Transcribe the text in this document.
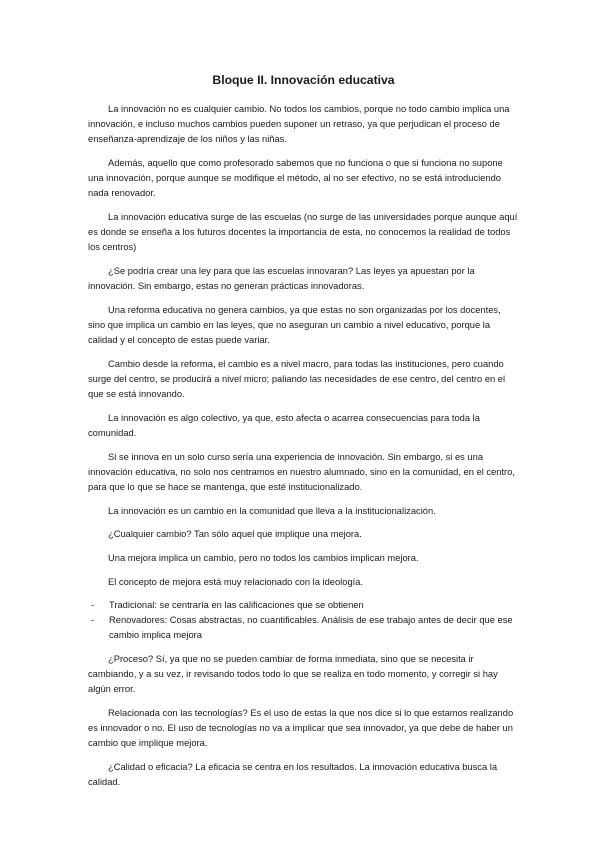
Bloque II. Innovación educativa

La innovación no es cualquier cambio. No todos los cambios, porque no todo cambio implica una innovación, e incluso muchos cambios pueden suponer un retraso, ya que perjudican el proceso de enseñanza-aprendizaje de los niños y las niñas.

Además, aquello que como profesorado sabemos que no funciona o que si funciona no supone una innovación, porque aunque se modifique el método, al no ser efectivo, no se está introduciendo nada renovador.

La innovación educativa surge de las escuelas (no surge de las universidades porque aunque aquí es donde se enseña a los futuros docentes la importancia de esta, no conocemos la realidad de todos los centros)

¿Se podría crear una ley para que las escuelas innovaran? Las leyes ya apuestan por la innovación. Sin embargo, estas no generan prácticas innovadoras.

Una reforma educativa no genera cambios, ya que estas no son organizadas por los docentes, sino que implica un cambio en las leyes, que no aseguran un cambio a nivel educativo, porque la calidad y el concepto de estas puede variar.

Cambio desde la reforma, el cambio es a nivel macro, para todas las instituciones, pero cuando surge del centro, se producirá a nivel micro; paliando las necesidades de ese centro, del centro en el que se está innovando.

La innovación es algo colectivo, ya que, esto afecta o acarrea consecuencias para toda la comunidad.

Si se innova en un solo curso sería una experiencia de innovación. Sin embargo, si es una innovación educativa, no solo nos centramos en nuestro alumnado, sino en la comunidad, en el centro, para que lo que se hace se mantenga, que esté institucionalizado.

La innovación es un cambio en la comunidad que lleva a la institucionalización.

¿Cualquier cambio? Tan sólo aquel que implique una mejora.

Una mejora implica un cambio, pero no todos los cambios implican mejora.

El concepto de mejora está muy relacionado con la ideología.

- Tradicional: se centraría en las calificaciones que se obtienen
- Renovadores: Cosas abstractas, no cuantificables. Análisis de ese trabajo antes de decir que ese cambio implica mejora

¿Proceso? Sí, ya que no se pueden cambiar de forma inmediata, sino que se necesita ir cambiando, y a su vez, ir revisando todos todo lo que se realiza en todo momento, y corregir si hay algún error.

Relacionada con las tecnologías? Es el uso de estas la que nos dice si lo que estamos realizando es innovador o no. El uso de tecnologías no va a implicar que sea innovador, ya que debe de haber un cambio que implique mejora.

¿Calidad o eficacia? La eficacia se centra en los resultados. La innovación educativa busca la calidad.
